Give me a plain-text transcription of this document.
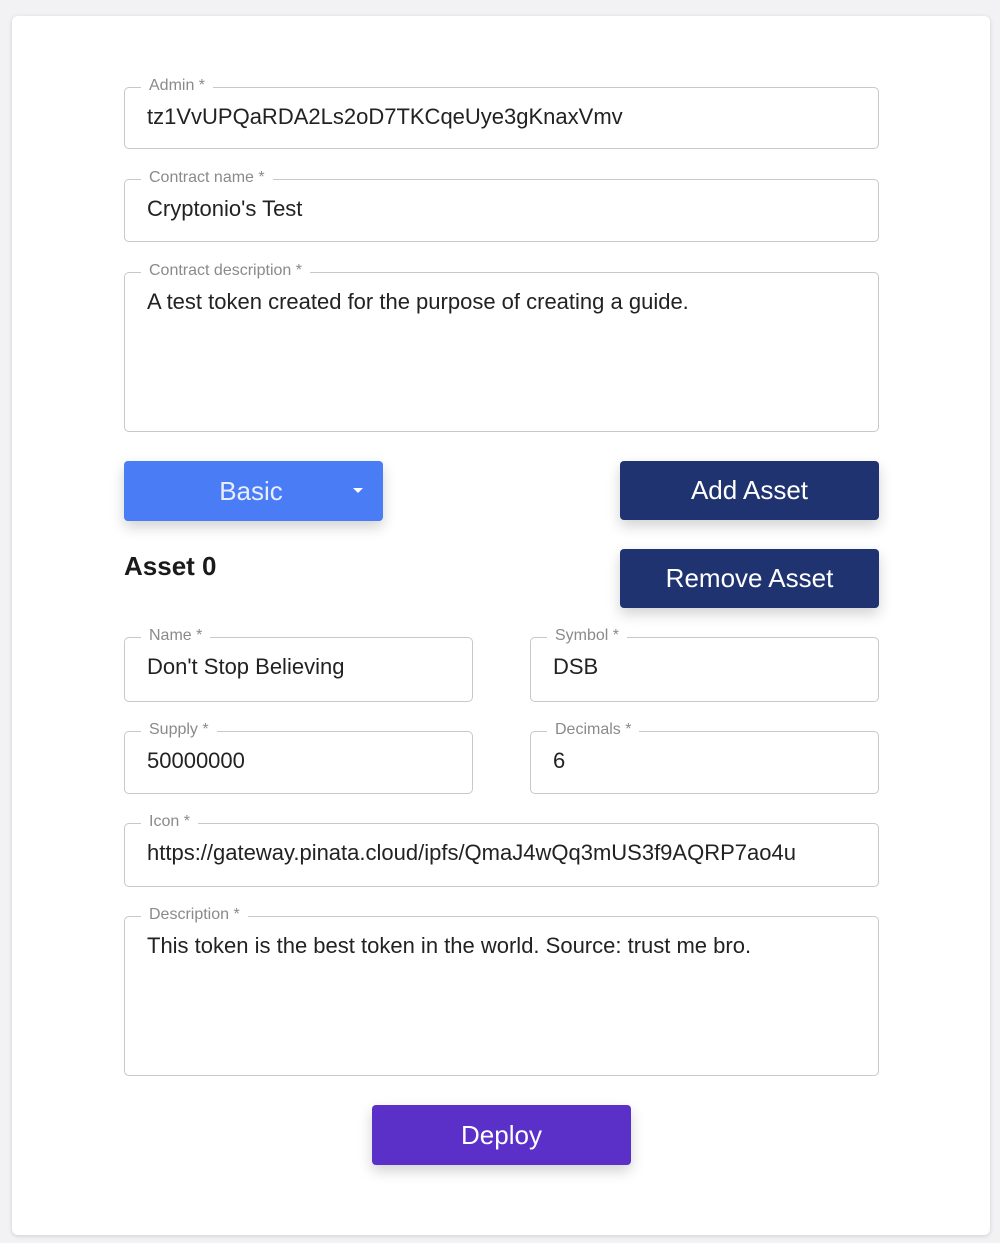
Admin *
tz1VvUPQaRDA2Ls2oD7TKCqeUye3gKnaxVmv
Contract name *
Cryptonio's Test
Contract description *
A test token created for the purpose of creating a guide.
Basic	Add Asset
Asset 0	Remove Asset
Name *
Don't Stop Believing
Symbol *
DSB
Supply *
50000000
Decimals *
6
Icon *
https://gateway.pinata.cloud/ipfs/QmaJ4wQq3mUS3f9AQRP7ao4u
Description *
This token is the best token in the world. Source: trust me bro.
Deploy
